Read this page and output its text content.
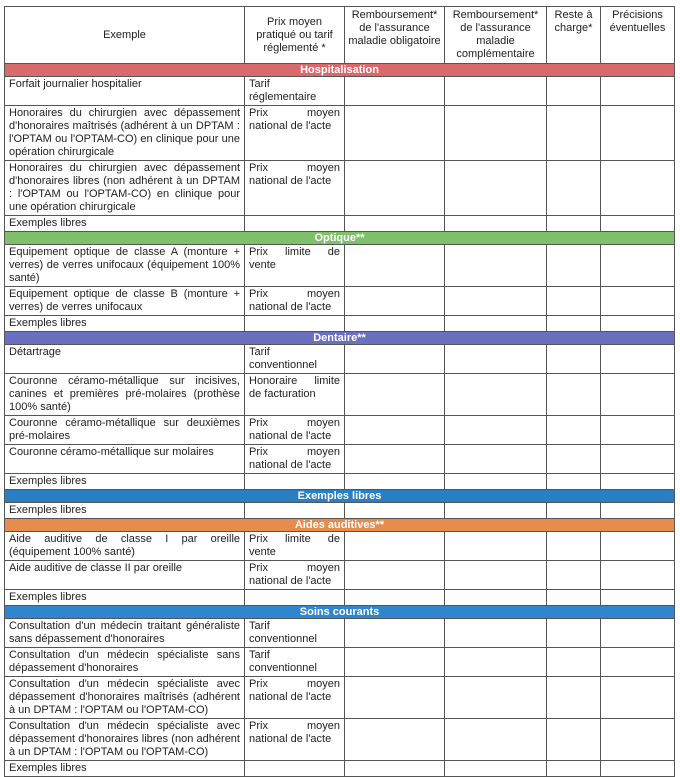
Exemple	Prix moyen pratiqué ou tarif réglementé *	Remboursement* de l'assurance maladie obligatoire	Remboursement* de l'assurance maladie complémentaire	Reste à charge*	Précisions éventuelles
Hospitalisation					
Forfait journalier hospitalier	Tarif réglementaire				
Honoraires du chirurgien avec dépassement d'honoraires maîtrisés (adhérent à un DPTAM : l'OPTAM ou l'OPTAM-CO) en clinique pour une opération chirurgicale	Prix moyen national de l'acte				
Honoraires du chirurgien avec dépassement d'honoraires libres (non adhérent à un DPTAM : l'OPTAM ou l'OPTAM-CO) en clinique pour une opération chirurgicale	Prix moyen national de l'acte				
Exemples libres					
Optique**					
Equipement optique de classe A (monture + verres) de verres unifocaux (équipement 100% santé)	Prix limite de vente				
Equipement optique de classe B (monture + verres) de verres unifocaux	Prix moyen national de l'acte				
Exemples libres					
Dentaire**					
Détartrage	Tarif conventionnel				
Couronne céramo-métallique sur incisives, canines et premières pré-molaires (prothèse 100% santé)	Honoraire limite de facturation				
Couronne céramo-métallique sur deuxièmes pré-molaires	Prix moyen national de l'acte				
Couronne céramo-métallique sur molaires	Prix moyen national de l'acte				
Exemples libres					
Exemples libres					
Exemples libres					
Aides auditives**					
Aide auditive de classe I par oreille (équipement 100% santé)	Prix limite de vente				
Aide auditive de classe II par oreille	Prix moyen national de l'acte				
Exemples libres					
Soins courants					
Consultation d'un médecin traitant généraliste sans dépassement d'honoraires	Tarif conventionnel				
Consultation d'un médecin spécialiste sans dépassement d'honoraires	Tarif conventionnel				
Consultation d'un médecin spécialiste avec dépassement d'honoraires maîtrisés (adhérent à un DPTAM : l'OPTAM ou l'OPTAM-CO)	Prix moyen national de l'acte				
Consultation d'un médecin spécialiste avec dépassement d'honoraires libres (non adhérent à un DPTAM : l'OPTAM ou l'OPTAM-CO)	Prix moyen national de l'acte				
Exemples libres					
